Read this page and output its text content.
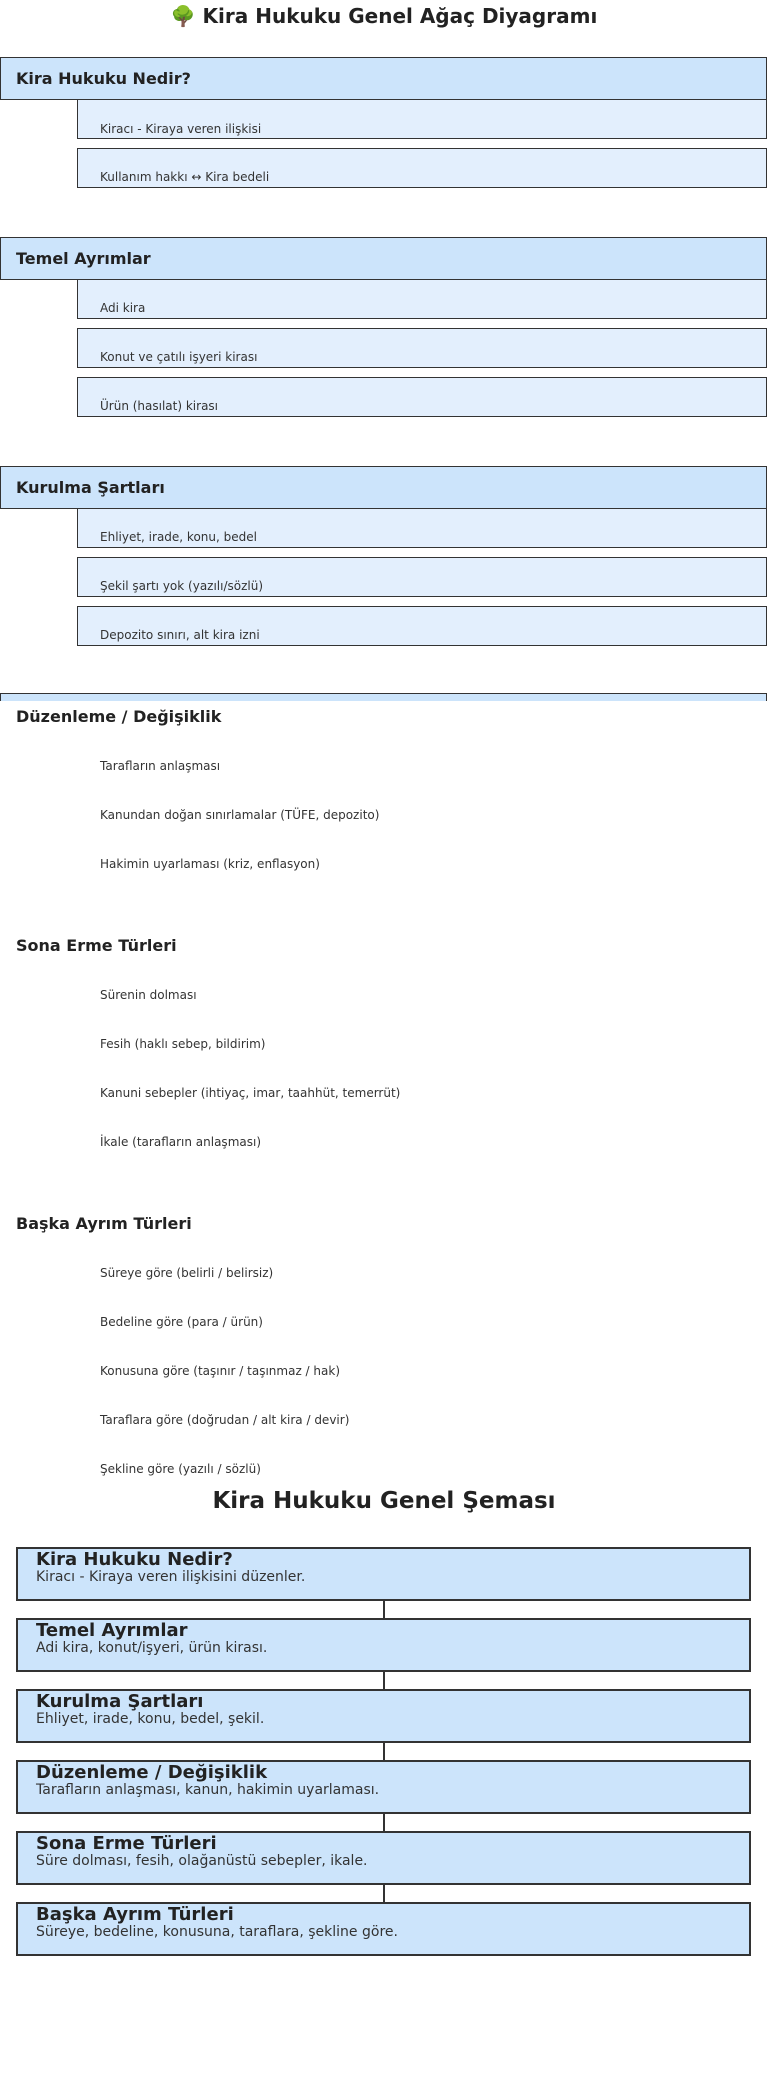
🌳 Kira Hukuku Genel Ağaç Diyagramı
Kira Hukuku Nedir?
Kiracı - Kiraya veren ilişkisi
Kullanım hakkı ↔ Kira bedeli
Temel Ayrımlar
Adi kira
Konut ve çatılı işyeri kirası
Ürün (hasılat) kirası
Kurulma Şartları
Ehliyet, irade, konu, bedel
Şekil şartı yok (yazılı/sözlü)
Depozito sınırı, alt kira izni
Düzenleme / Değişiklik
Tarafların anlaşması
Kanundan doğan sınırlamalar (TÜFE, depozito)
Hakimin uyarlaması (kriz, enflasyon)
Sona Erme Türleri
Sürenin dolması
Fesih (haklı sebep, bildirim)
Kanuni sebepler (ihtiyaç, imar, taahhüt, temerrüt)
İkale (tarafların anlaşması)
Başka Ayrım Türleri
Süreye göre (belirli / belirsiz)
Bedeline göre (para / ürün)
Konusuna göre (taşınır / taşınmaz / hak)
Taraflara göre (doğrudan / alt kira / devir)
Şekline göre (yazılı / sözlü)
Kira Hukuku Genel Şeması
Kira Hukuku Nedir?
Kiracı - Kiraya veren ilişkisini düzenler.
Temel Ayrımlar
Adi kira, konut/işyeri, ürün kirası.
Kurulma Şartları
Ehliyet, irade, konu, bedel, şekil.
Düzenleme / Değişiklik
Tarafların anlaşması, kanun, hakimin uyarlaması.
Sona Erme Türleri
Süre dolması, fesih, olağanüstü sebepler, ikale.
Başka Ayrım Türleri
Süreye, bedeline, konusuna, taraflara, şekline göre.
